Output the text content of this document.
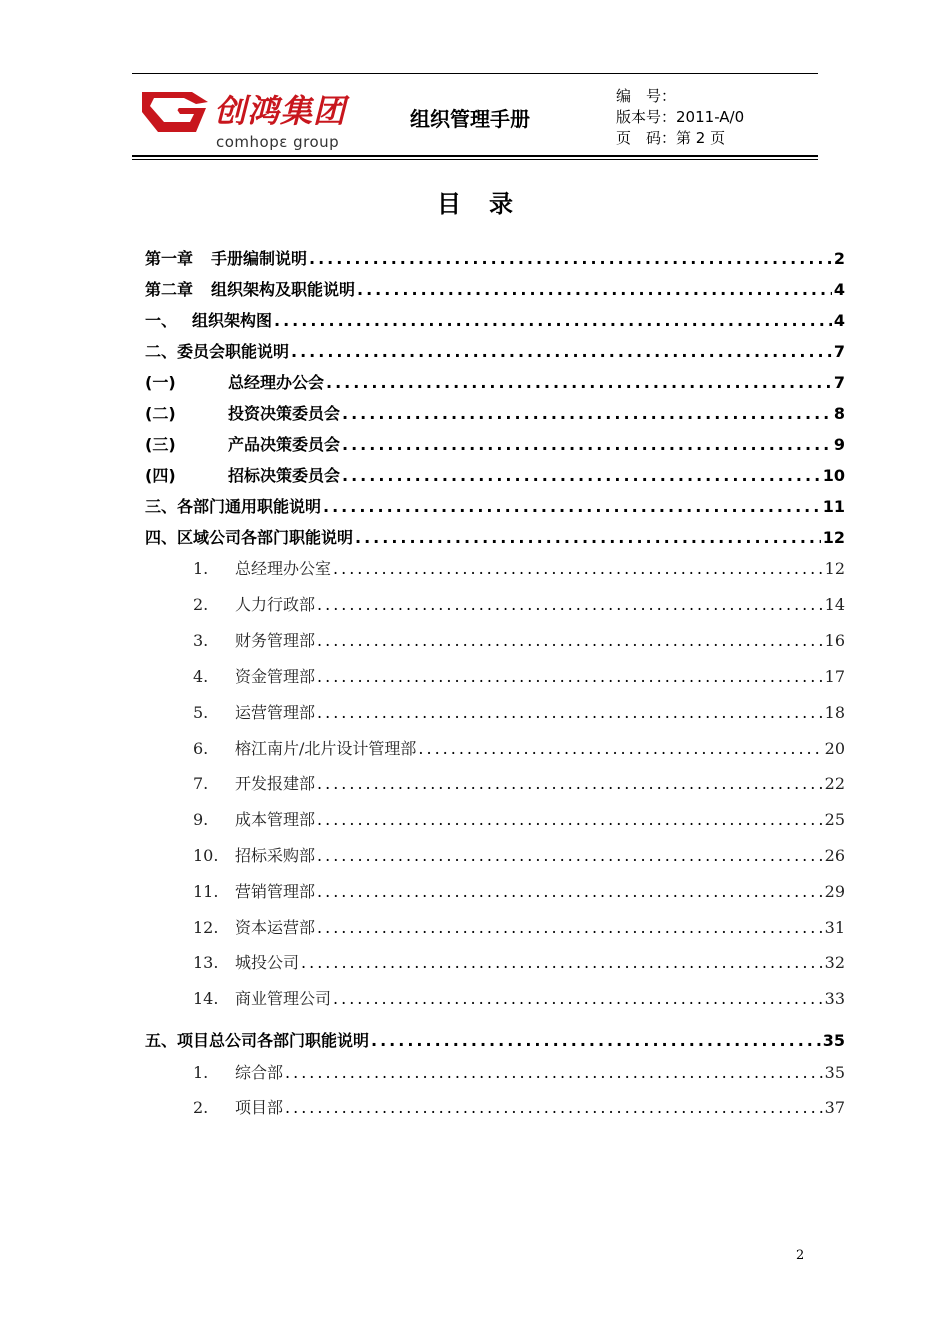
创鸿集团
comhopɛ group
组织管理手册
编　号：
版本号：2011-A/0
页　码：第 2 页
目录
第一章	手册编制说明 .....	2
第二章	组织架构及职能说明 .....	4
一、 组织架构图 .....	4
二、委员会职能说明 .....	7
(一)	总经理办公会 .....	7
(二)	投资决策委员会 .....	8
(三)	产品决策委员会 .....	9
(四)	招标决策委员会 .....	10
三、各部门通用职能说明 .....	11
四、区域公司各部门职能说明 .....	12
1.	总经理办公室 .....	12
2.	人力行政部 .....	14
3.	财务管理部 .....	16
4.	资金管理部 .....	17
5.	运营管理部 .....	18
6.	榕江南片/北片设计管理部 .....	20
7.	开发报建部 .....	22
9.	成本管理部 .....	25
10.	招标采购部 .....	26
11.	营销管理部 .....	29
12.	资本运营部 .....	31
13.	城投公司 .....	32
14.	商业管理公司 .....	33
五、项目总公司各部门职能说明 .....	35
1.	综合部 .....	35
2.	项目部 .....	37
2
